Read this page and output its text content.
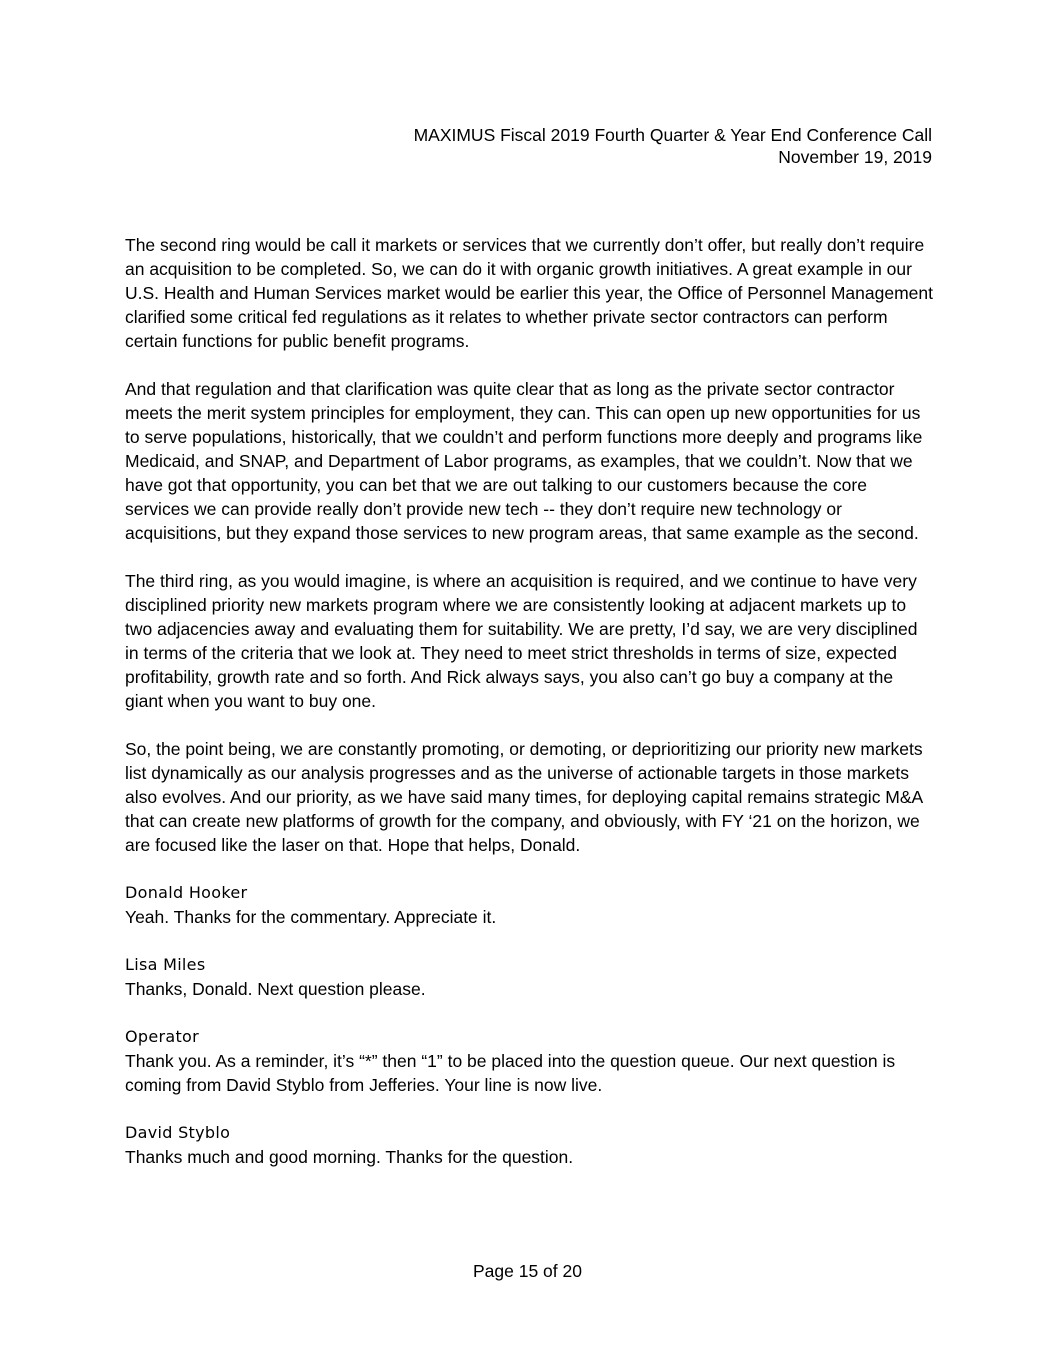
MAXIMUS Fiscal 2019 Fourth Quarter & Year End Conference Call
November 19, 2019

The second ring would be call it markets or services that we currently don’t offer, but really don’t require an acquisition to be completed. So, we can do it with organic growth initiatives. A great example in our U.S. Health and Human Services market would be earlier this year, the Office of Personnel Management clarified some critical fed regulations as it relates to whether private sector contractors can perform certain functions for public benefit programs.

And that regulation and that clarification was quite clear that as long as the private sector contractor meets the merit system principles for employment, they can. This can open up new opportunities for us to serve populations, historically, that we couldn’t and perform functions more deeply and programs like Medicaid, and SNAP, and Department of Labor programs, as examples, that we couldn’t. Now that we have got that opportunity, you can bet that we are out talking to our customers because the core services we can provide really don’t provide new tech -- they don’t require new technology or acquisitions, but they expand those services to new program areas, that same example as the second.

The third ring, as you would imagine, is where an acquisition is required, and we continue to have very disciplined priority new markets program where we are consistently looking at adjacent markets up to two adjacencies away and evaluating them for suitability. We are pretty, I’d say, we are very disciplined in terms of the criteria that we look at. They need to meet strict thresholds in terms of size, expected profitability, growth rate and so forth. And Rick always says, you also can’t go buy a company at the giant when you want to buy one.

So, the point being, we are constantly promoting, or demoting, or deprioritizing our priority new markets list dynamically as our analysis progresses and as the universe of actionable targets in those markets also evolves. And our priority, as we have said many times, for deploying capital remains strategic M&A that can create new platforms of growth for the company, and obviously, with FY ‘21 on the horizon, we are focused like the laser on that. Hope that helps, Donald.

Donald Hooker
Yeah. Thanks for the commentary. Appreciate it.
Lisa Miles
Thanks, Donald. Next question please.
Operator
Thank you. As a reminder, it’s “*” then “1” to be placed into the question queue. Our next question is coming from David Styblo from Jefferies. Your line is now live.
David Styblo
Thanks much and good morning. Thanks for the question.
Page 15 of 20
